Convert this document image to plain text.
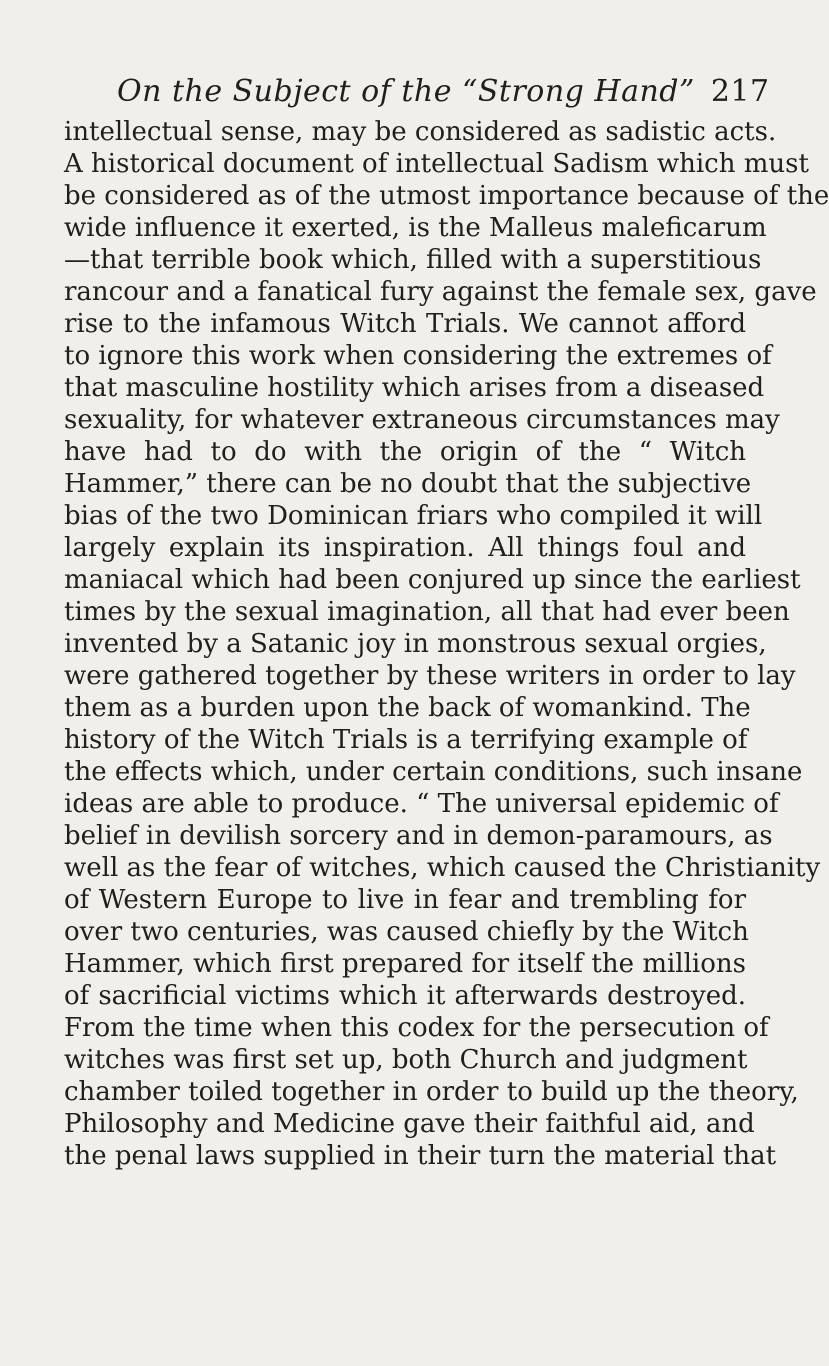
On the Subject of the “Strong Hand” 217
intellectual sense, may be considered as sadistic acts.
A historical document of intellectual Sadism which must
be considered as of the utmost importance because of the
wide influence it exerted, is the Malleus maleficarum
—that terrible book which, filled with a superstitious
rancour and a fanatical fury against the female sex, gave
rise to the infamous Witch Trials. We cannot afford
to ignore this work when considering the extremes of
that masculine hostility which arises from a diseased
sexuality, for whatever extraneous circumstances may
have had to do with the origin of the “ Witch
Hammer,” there can be no doubt that the subjective
bias of the two Dominican friars who compiled it will
largely explain its inspiration. All things foul and
maniacal which had been conjured up since the earliest
times by the sexual imagination, all that had ever been
invented by a Satanic joy in monstrous sexual orgies,
were gathered together by these writers in order to lay
them as a burden upon the back of womankind. The
history of the Witch Trials is a terrifying example of
the effects which, under certain conditions, such insane
ideas are able to produce. “ The universal epidemic of
belief in devilish sorcery and in demon-paramours, as
well as the fear of witches, which caused the Christianity
of Western Europe to live in fear and trembling for
over two centuries, was caused chiefly by the Witch
Hammer, which first prepared for itself the millions
of sacrificial victims which it afterwards destroyed.
From the time when this codex for the persecution of
witches was first set up, both Church and judgment
chamber toiled together in order to build up the theory,
Philosophy and Medicine gave their faithful aid, and
the penal laws supplied in their turn the material that
